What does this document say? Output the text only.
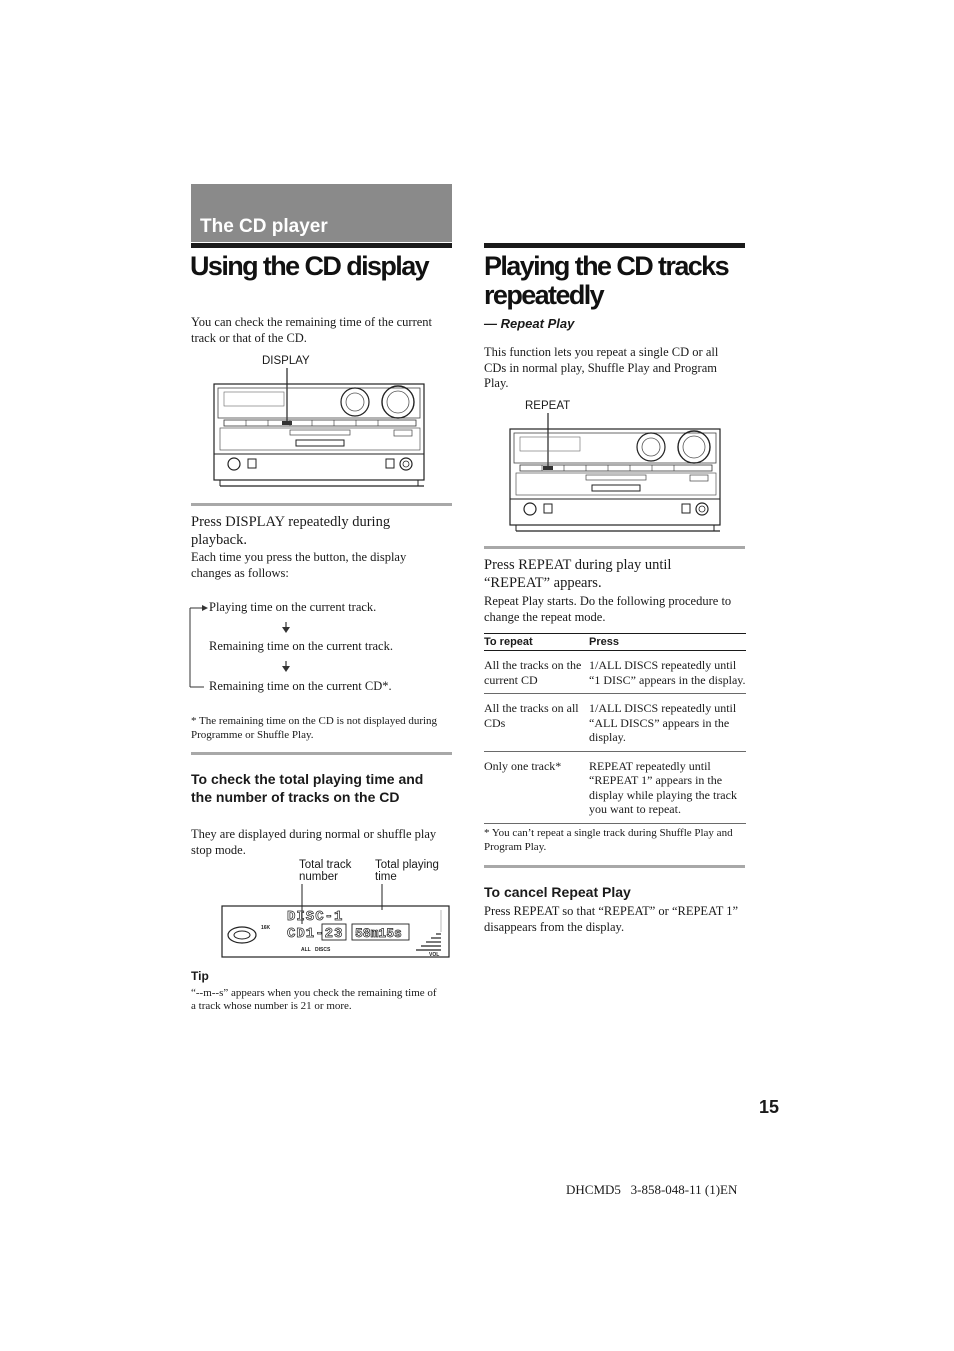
The CD player
Using the CD display
You can check the remaining time of the current track or that of the CD.
DISPLAY
Press DISPLAY repeatedly during playback.
Each time you press the button, the display changes as follows:
Playing time on the current track.
Remaining time on the current track.
Remaining time on the current CD*.
* The remaining time on the CD is not displayed during Programme or Shuffle Play.
To check the total playing time and the number of tracks on the CD
They are displayed during normal or shuffle play stop mode.
Total track number
Total playing time
16K
DISC-1
CD1-23 58m15s
ALL DISCS
VOL
Tip
“--m--s” appears when you check the remaining time of a track whose number is 21 or more.
Playing the CD tracks repeatedly
— Repeat Play
This function lets you repeat a single CD or all CDs in normal play, Shuffle Play and Program Play.
REPEAT
Press REPEAT during play until “REPEAT” appears.
Repeat Play starts. Do the following procedure to change the repeat mode.
To repeat	Press
All the tracks on the current CD	1/ALL DISCS repeatedly until “1 DISC” appears in the display.
All the tracks on all CDs	1/ALL DISCS repeatedly until “ALL DISCS” appears in the display.
Only one track*	REPEAT repeatedly until “REPEAT 1” appears in the display while playing the track you want to repeat.
* You can’t repeat a single track during Shuffle Play and Program Play.
To cancel Repeat Play
Press REPEAT so that “REPEAT” or “REPEAT 1” disappears from the display.
15
DHCMD5   3-858-048-11 (1)EN
